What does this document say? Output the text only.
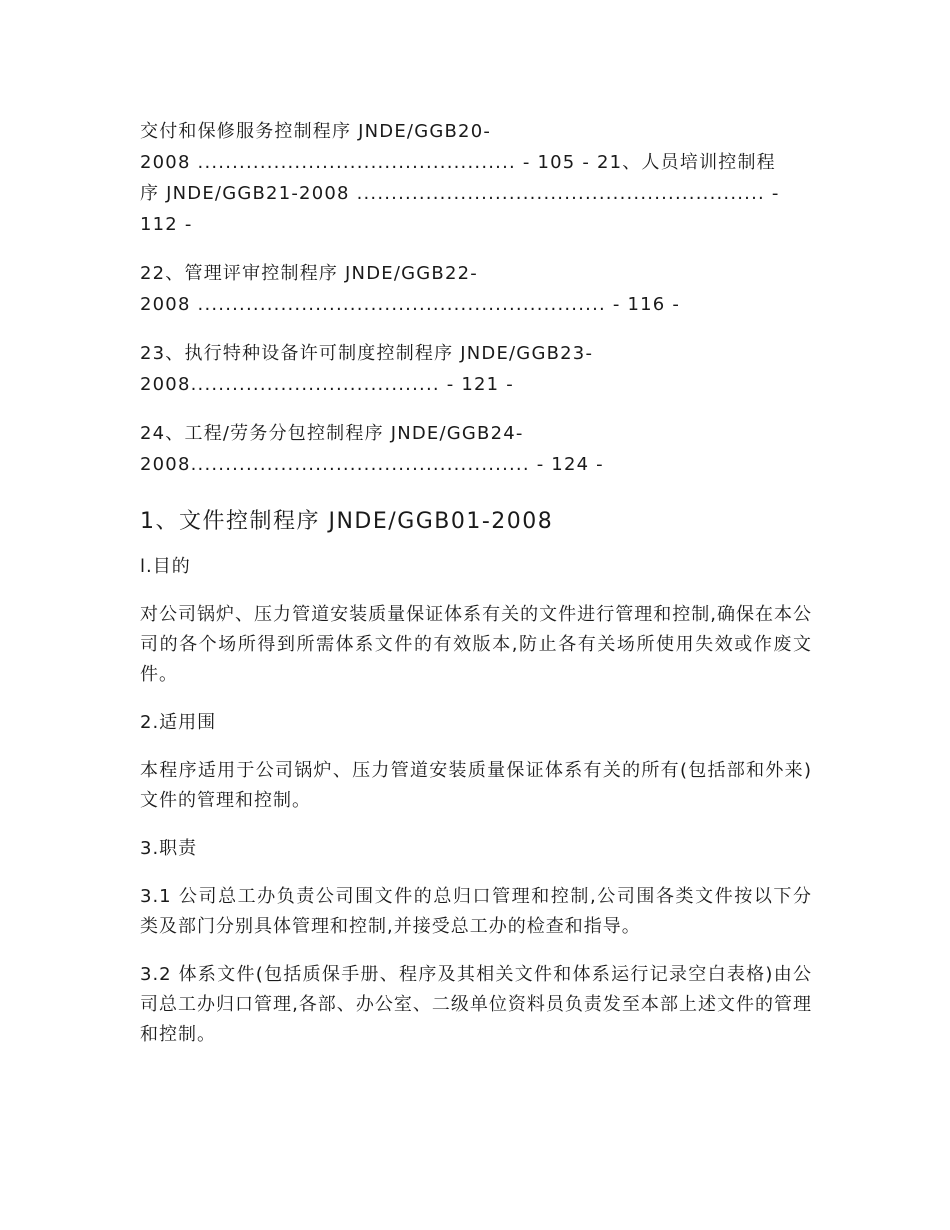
交付和保修服务控制程序 JNDE/GGB20-
2008 .............................................. - 105 - 21、人员培训控制程
序 JNDE/GGB21-2008 ........................................................... -
112 -
22、管理评审控制程序 JNDE/GGB22-
2008 ........................................................... - 116 -
23、执行特种设备许可制度控制程序 JNDE/GGB23-
2008.................................... - 121 -
24、工程/劳务分包控制程序 JNDE/GGB24-
2008................................................. - 124 -
1、文件控制程序 JNDE/GGB01-2008
l.目的
对公司锅炉、压力管道安装质量保证体系有关的文件进行管理和控制,确保在本公司的各个场所得到所需体系文件的有效版本,防止各有关场所使用失效或作废文件。
2.适用围
本程序适用于公司锅炉、压力管道安装质量保证体系有关的所有(包括部和外来)文件的管理和控制。
3.职责
3.1 公司总工办负责公司围文件的总归口管理和控制,公司围各类文件按以下分类及部门分别具体管理和控制,并接受总工办的检查和指导。
3.2 体系文件(包括质保手册、程序及其相关文件和体系运行记录空白表格)由公司总工办归口管理,各部、办公室、二级单位资料员负责发至本部上述文件的管理和控制。
